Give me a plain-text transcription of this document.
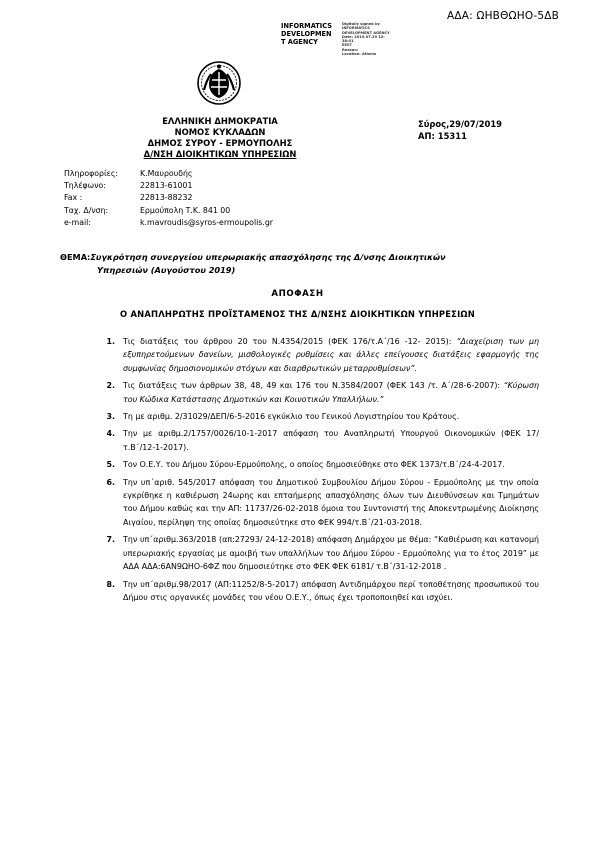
ΑΔΑ: ΩΗΒΘΩΗΟ-5ΔΒ
INFORMATICS
DEVELOPMEN
T AGENCY
Digitally signed by
INFORMATICS
DEVELOPMENT AGENCY
Date: 2019.07.29 12:
38:01
EEST
Reason:
Location: Athens
ΕΛΛΗΝΙΚΗ ΔΗΜΟΚΡΑΤΙΑ
ΝΟΜΟΣ ΚΥΚΛΑΔΩΝ
ΔΗΜΟΣ ΣΥΡΟΥ - ΕΡΜΟΥΠΟΛΗΣ
Δ/ΝΣΗ ΔΙΟΙΚΗΤΙΚΩΝ ΥΠΗΡΕΣΙΩΝ
Σύρος,29/07/2019
ΑΠ: 15311
Πληροφορίες:	Κ.Μαυρουδής
Τηλέφωνο:	22813-61001
Fax :	22813-88232
Ταχ. Δ/νση:	Ερμούπολη Τ.Κ. 841 00
e-mail:	k.mavroudis@syros-ermoupolis.gr
ΘΕΜΑ:Συγκρότηση συνεργείου υπερωριακής απασχόλησης της Δ/νσης Διοικητικών
Υπηρεσιών (Αυγούστου 2019)
ΑΠΟΦΑΣΗ
Ο ΑΝΑΠΛΗΡΩΤΗΣ ΠΡΟΪΣΤΑΜΕΝΟΣ ΤΗΣ Δ/ΝΣΗΣ ΔΙΟΙΚΗΤΙΚΩΝ ΥΠΗΡΕΣΙΩΝ
1.	Τις διατάξεις του άρθρου 20 του Ν.4354/2015 (ΦΕΚ 176/τ.Α΄/16 -12- 2015): “Διαχείριση των μη εξυπηρετούμενων δανείων, μισθολογικές ρυθμίσεις και άλλες επείγουσες διατάξεις εφαρμογής της συμφωνίας δημοσιονομικών στόχων και διαρθρωτικών μεταρρυθμίσεων”.
2.	Τις διατάξεις των άρθρων 38, 48, 49 και 176 του Ν.3584/2007 (ΦΕΚ 143 /τ. Α΄/28-6-2007): “Κύρωση του Κώδικα Κατάστασης Δημοτικών και Κοινοτικών Υπαλλήλων.”
3.	Τη με αριθμ. 2/31029/ΔΕΠ/6-5-2016 εγκύκλιο του Γενικού Λογιστηρίου του Κράτους.
4.	Την με αριθμ.2/1757/0026/10-1-2017 απόφαση του Αναπληρωτή Υπουργού Οικονομικών (ΦΕΚ 17/τ.Β΄/12-1-2017).
5.	Τον Ο.Ε.Υ. του Δήμου Σύρου-Ερμούπολης, ο οποίος δημοσιεύθηκε στο ΦΕΚ 1373/τ.Β΄/24-4-2017.
6.	Την υπ΄αριθ. 545/2017 απόφαση του Δημοτικού Συμβουλίου Δήμου Σύρου - Ερμούπολης με την οποία εγκρίθηκε η καθιέρωση 24ωρης και επταήμερης απασχόλησης όλων των Διευθύνσεων και Τμημάτων του Δήμου καθώς και την ΑΠ: 11737/26-02-2018 όμοια του Συντονιστή της Αποκεντρωμένης Διοίκησης Αιγαίου, περίληψη της οποίας δημοσιεύτηκε στο ΦΕΚ 994/τ.Β΄/21-03-2018.
7.	Την υπ΄αριθμ.363/2018 (απ:27293/ 24-12-2018) απόφαση Δημάρχου με θέμα: “Καθιέρωση και κατανομή υπερωριακής εργασίας με αμοιβή των υπαλλήλων του Δήμου Σύρου - Ερμούπολης για το έτος 2019” με ΑΔΑ ΑΔΑ:6ΑΝ9ΩΗΟ-6ΦΖ που δημοσιεύτηκε στο ΦΕΚ ΦΕΚ 6181/ τ.Β΄/31-12-2018 .
8.	Την υπ΄αριθμ.98/2017 (ΑΠ:11252/8-5-2017) απόφαση Αντιδημάρχου περί τοποθέτησης προσωπικού του Δήμου στις οργανικές μονάδες του νέου Ο.Ε.Υ., όπως έχει τροποποιηθεί και ισχύει.
